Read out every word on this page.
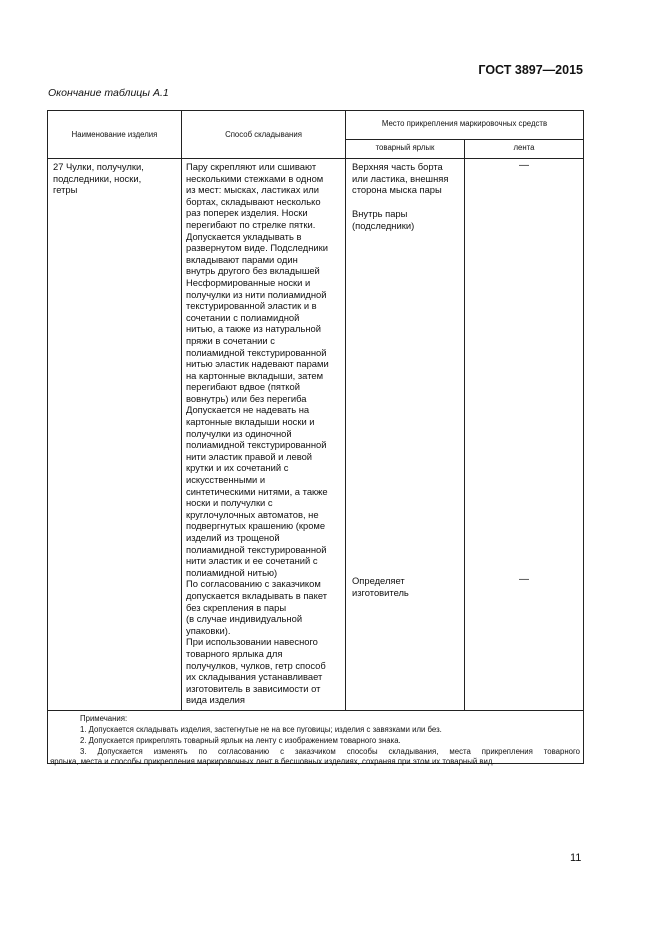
ГОСТ 3897—2015
Окончание таблицы А.1
Наименование изделия	Способ складывания
Место прикрепления маркировочных средств
товарный ярлык	лента
27 Чулки, получулки,
подследники, носки,
гетры
Пару скрепляют или сшивают
несколькими стежками в одном
из мест: мысках, ластиках или
бортах, складывают несколько
раз поперек изделия. Носки
перегибают по стрелке пятки.
Допускается укладывать в
развернутом виде. Подследники
вкладывают парами один
внутрь другого без вкладышей
Несформированные носки и
получулки из нити полиамидной
текстурированной эластик и в
сочетании с полиамидной
нитью, а также из натуральной
пряжи в сочетании с
полиамидной текстурированной
нитью эластик надевают парами
на картонные вкладыши, затем
перегибают вдвое (пяткой
вовнутрь) или без перегиба
Допускается не надевать на
картонные вкладыши носки и
получулки из одиночной
полиамидной текстурированной
нити эластик правой и левой
крутки и их сочетаний с
искусственными и
синтетическими нитями, а также
носки и получулки с
круглочулочных автоматов, не
подвергнутых крашению (кроме
изделий из трощеной
полиамидной текстурированной
нити эластик и ее сочетаний с
полиамидной нитью)
По согласованию с заказчиком
допускается вкладывать в пакет
без скрепления в пары
(в случае индивидуальной
упаковки).
При использовании навесного
товарного ярлыка для
получулков, чулков, гетр способ
их складывания устанавливает
изготовитель в зависимости от
вида изделия
Верхняя часть борта
или ластика, внешняя
сторона мыска пары
Внутрь пары
(подследники)
Определяет
изготовитель
—
—
Примечания:
1. Допускается складывать изделия, застегнутые не на все пуговицы; изделия с завязками или без.
2. Допускается прикреплять товарный ярлык на ленту с изображением товарного знака.
3. Допускается изменять по согласованию с заказчиком способы складывания, места прикрепления товарного
ярлыка, места и способы прикрепления маркировочных лент в бесшовных изделиях, сохраняя при этом их товарный вид.
11
